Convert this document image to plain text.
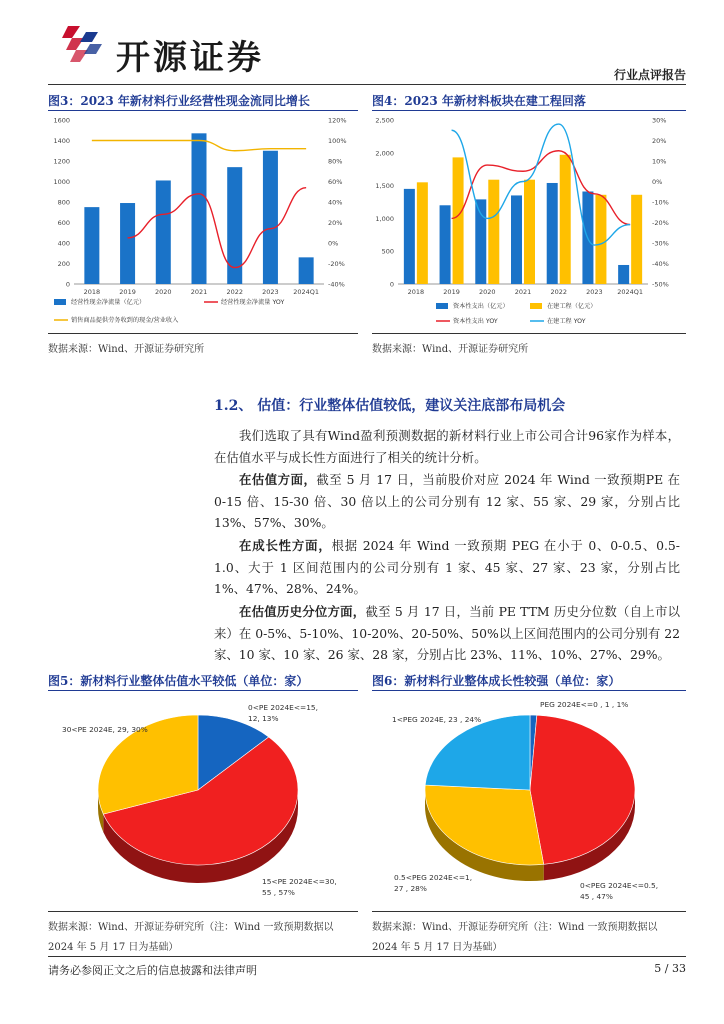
开源证券	行业点评报告
图3：2023 年新材料行业经营性现金流同比增长
0
200
400
600
800
1000
1200
1400
1600
-40%
-20%
0%
20%
40%
60%
80%
100%
120%
2018	2019	2020	2021	2022	2023 2024Q1
经营性现金净流量（亿元）	经营性现金净流量 YOY
销售商品提供劳务收到的现金/营业收入
数据来源：Wind、开源证券研究所
图4：2023 年新材料板块在建工程回落
0
500
1,000
1,500
2,000
2,500
-50%
-40%
-30%
-20%
-10%
0%
10%
20%
30%
2018	2019	2020	2021	2022	2023 2024Q1
资本性支出（亿元）	在建工程（亿元）
资本性支出 YOY	在建工程 YOY
数据来源：Wind、开源证券研究所
1.2、 估值：行业整体估值较低，建议关注底部布局机会
我们选取了具有Wind盈利预测数据的新材料行业上市公司合计96家作为样本，在估值水平与成长性方面进行了相关的统计分析。
在估值方面，截至 5 月 17 日，当前股价对应 2024 年 Wind 一致预期PE 在 0-15 倍、15-30 倍、30 倍以上的公司分别有 12 家、55 家、29 家，分别占比 13%、57%、30%。
在成长性方面，根据 2024 年 Wind 一致预期 PEG 在小于 0、0-0.5、0.5-1.0、大于 1 区间范围内的公司分别有 1 家、45 家、27 家、23 家，分别占比 1%、47%、28%、24%。
在估值历史分位方面，截至 5 月 17 日，当前 PE TTM 历史分位数（自上市以来）在 0-5%、5-10%、10-20%、20-50%、50%以上区间范围内的公司分别有 22 家、10 家、10 家、26 家、28 家，分别占比 23%、11%、10%、27%、29%。
图5：新材料行业整体估值水平较低（单位：家）
0<PE 2024E<=15,
12, 13%
15<PE 2024E<=30,
55 , 57%
30<PE 2024E, 29, 30%
数据来源：Wind、开源证券研究所（注：Wind 一致预期数据以 2024 年 5 月 17 日为基础）
图6：新材料行业整体成长性较强（单位：家）
PEG 2024E<=0 , 1 , 1%
0<PEG 2024E<=0.5,
45 , 47%
0.5<PEG 2024E<=1,
27 , 28%
1<PEG 2024E, 23 , 24%
数据来源：Wind、开源证券研究所（注：Wind 一致预期数据以 2024 年 5 月 17 日为基础）
请务必参阅正文之后的信息披露和法律声明	5 / 33
